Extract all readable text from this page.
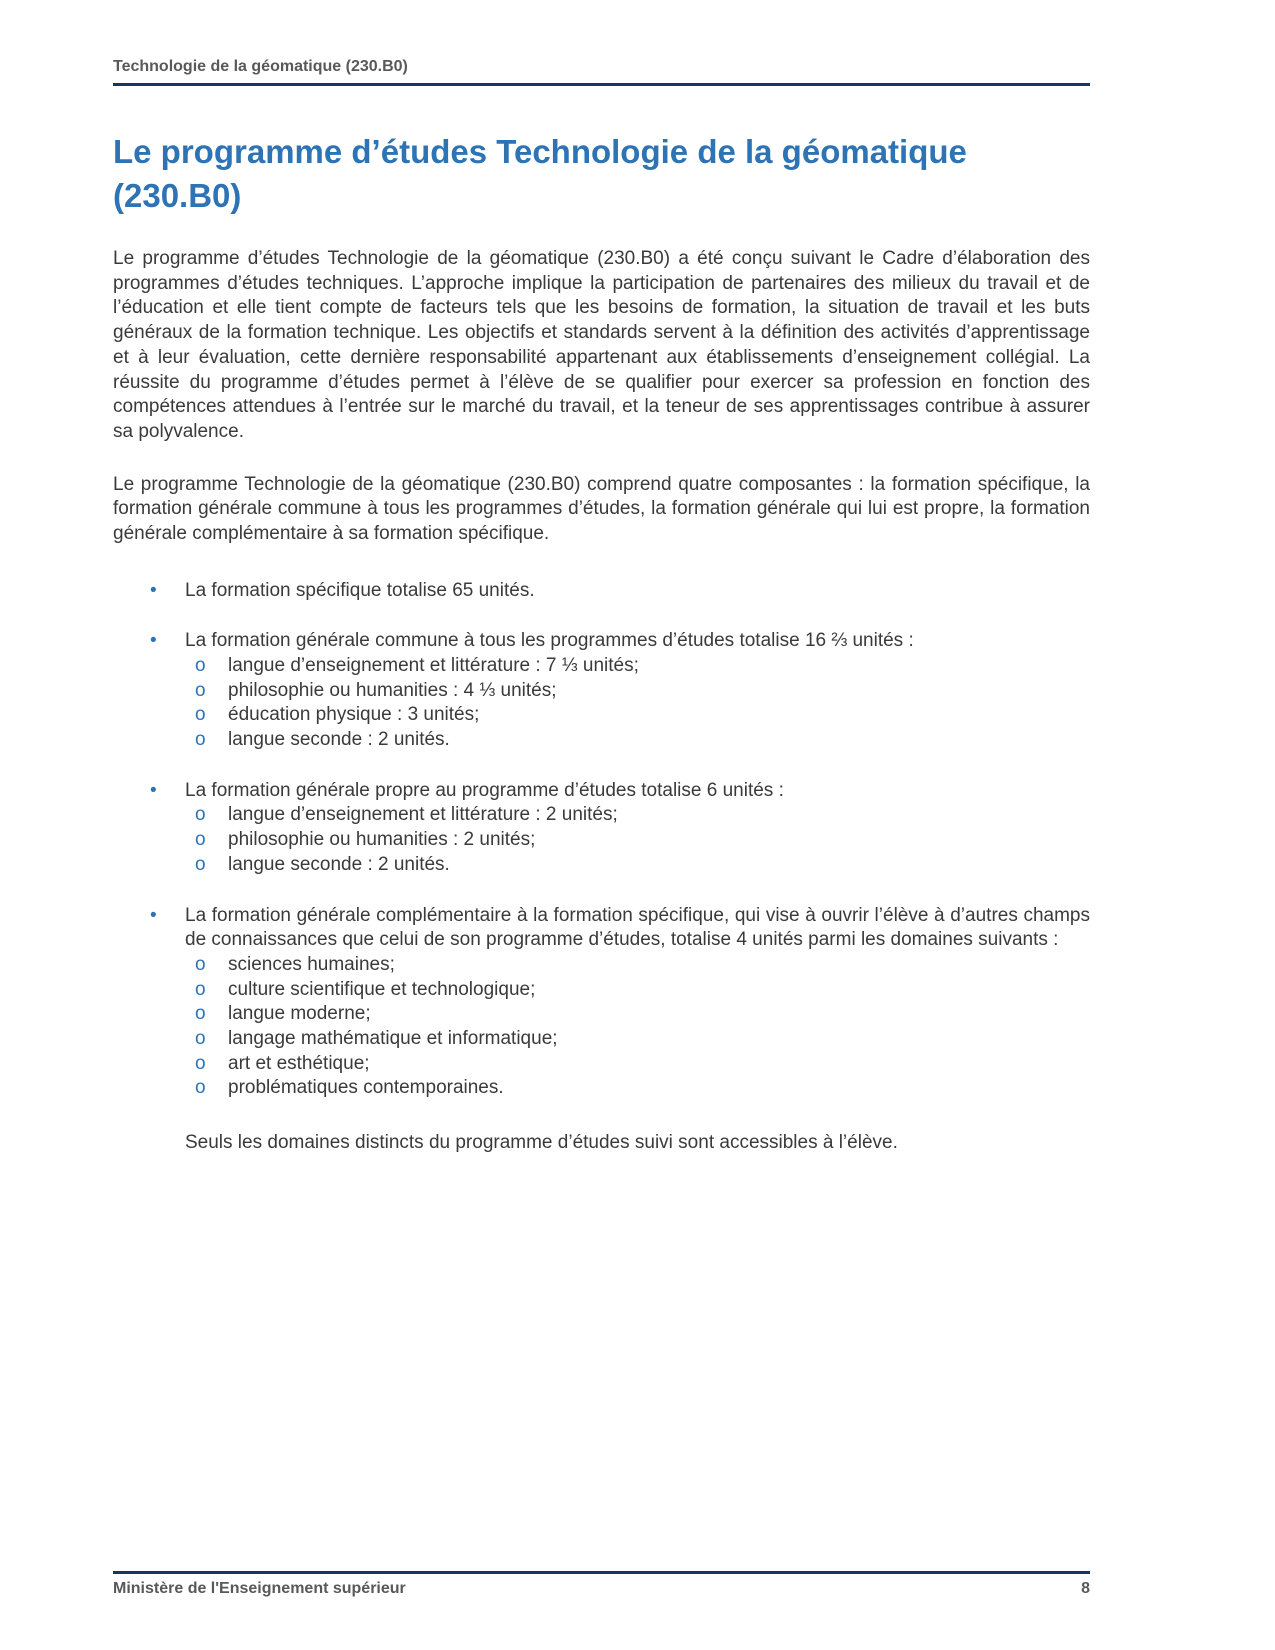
Technologie de la géomatique (230.B0)
Le programme d’études Technologie de la géomatique (230.B0)

Le programme d’études Technologie de la géomatique (230.B0) a été conçu suivant le Cadre d’élaboration des programmes d’études techniques. L’approche implique la participation de partenaires des milieux du travail et de l’éducation et elle tient compte de facteurs tels que les besoins de formation, la situation de travail et les buts généraux de la formation technique. Les objectifs et standards servent à la définition des activités d’apprentissage et à leur évaluation, cette dernière responsabilité appartenant aux établissements d’enseignement collégial. La réussite du programme d’études permet à l’élève de se qualifier pour exercer sa profession en fonction des compétences attendues à l’entrée sur le marché du travail, et la teneur de ses apprentissages contribue à assurer sa polyvalence.

Le programme Technologie de la géomatique (230.B0) comprend quatre composantes : la formation spécifique, la formation générale commune à tous les programmes d’études, la formation générale qui lui est propre, la formation générale complémentaire à sa formation spécifique.

•	La formation spécifique totalise 65 unités.
•	La formation générale commune à tous les programmes d’études totalise 16 ⅔ unités :
o	langue d’enseignement et littérature : 7 ⅓ unités;
o	philosophie ou humanities : 4 ⅓ unités;
o	éducation physique : 3 unités;
o	langue seconde : 2 unités.
•	La formation générale propre au programme d’études totalise 6 unités :
o	langue d’enseignement et littérature : 2 unités;
o	philosophie ou humanities : 2 unités;
o	langue seconde : 2 unités.
•	La formation générale complémentaire à la formation spécifique, qui vise à ouvrir l’élève à d’autres champs de connaissances que celui de son programme d’études, totalise 4 unités parmi les domaines suivants :
o	sciences humaines;
o	culture scientifique et technologique;
o	langue moderne;
o	langage mathématique et informatique;
o	art et esthétique;
o	problématiques contemporaines.

Seuls les domaines distincts du programme d’études suivi sont accessibles à l’élève.

Ministère de l'Enseignement supérieur	8
